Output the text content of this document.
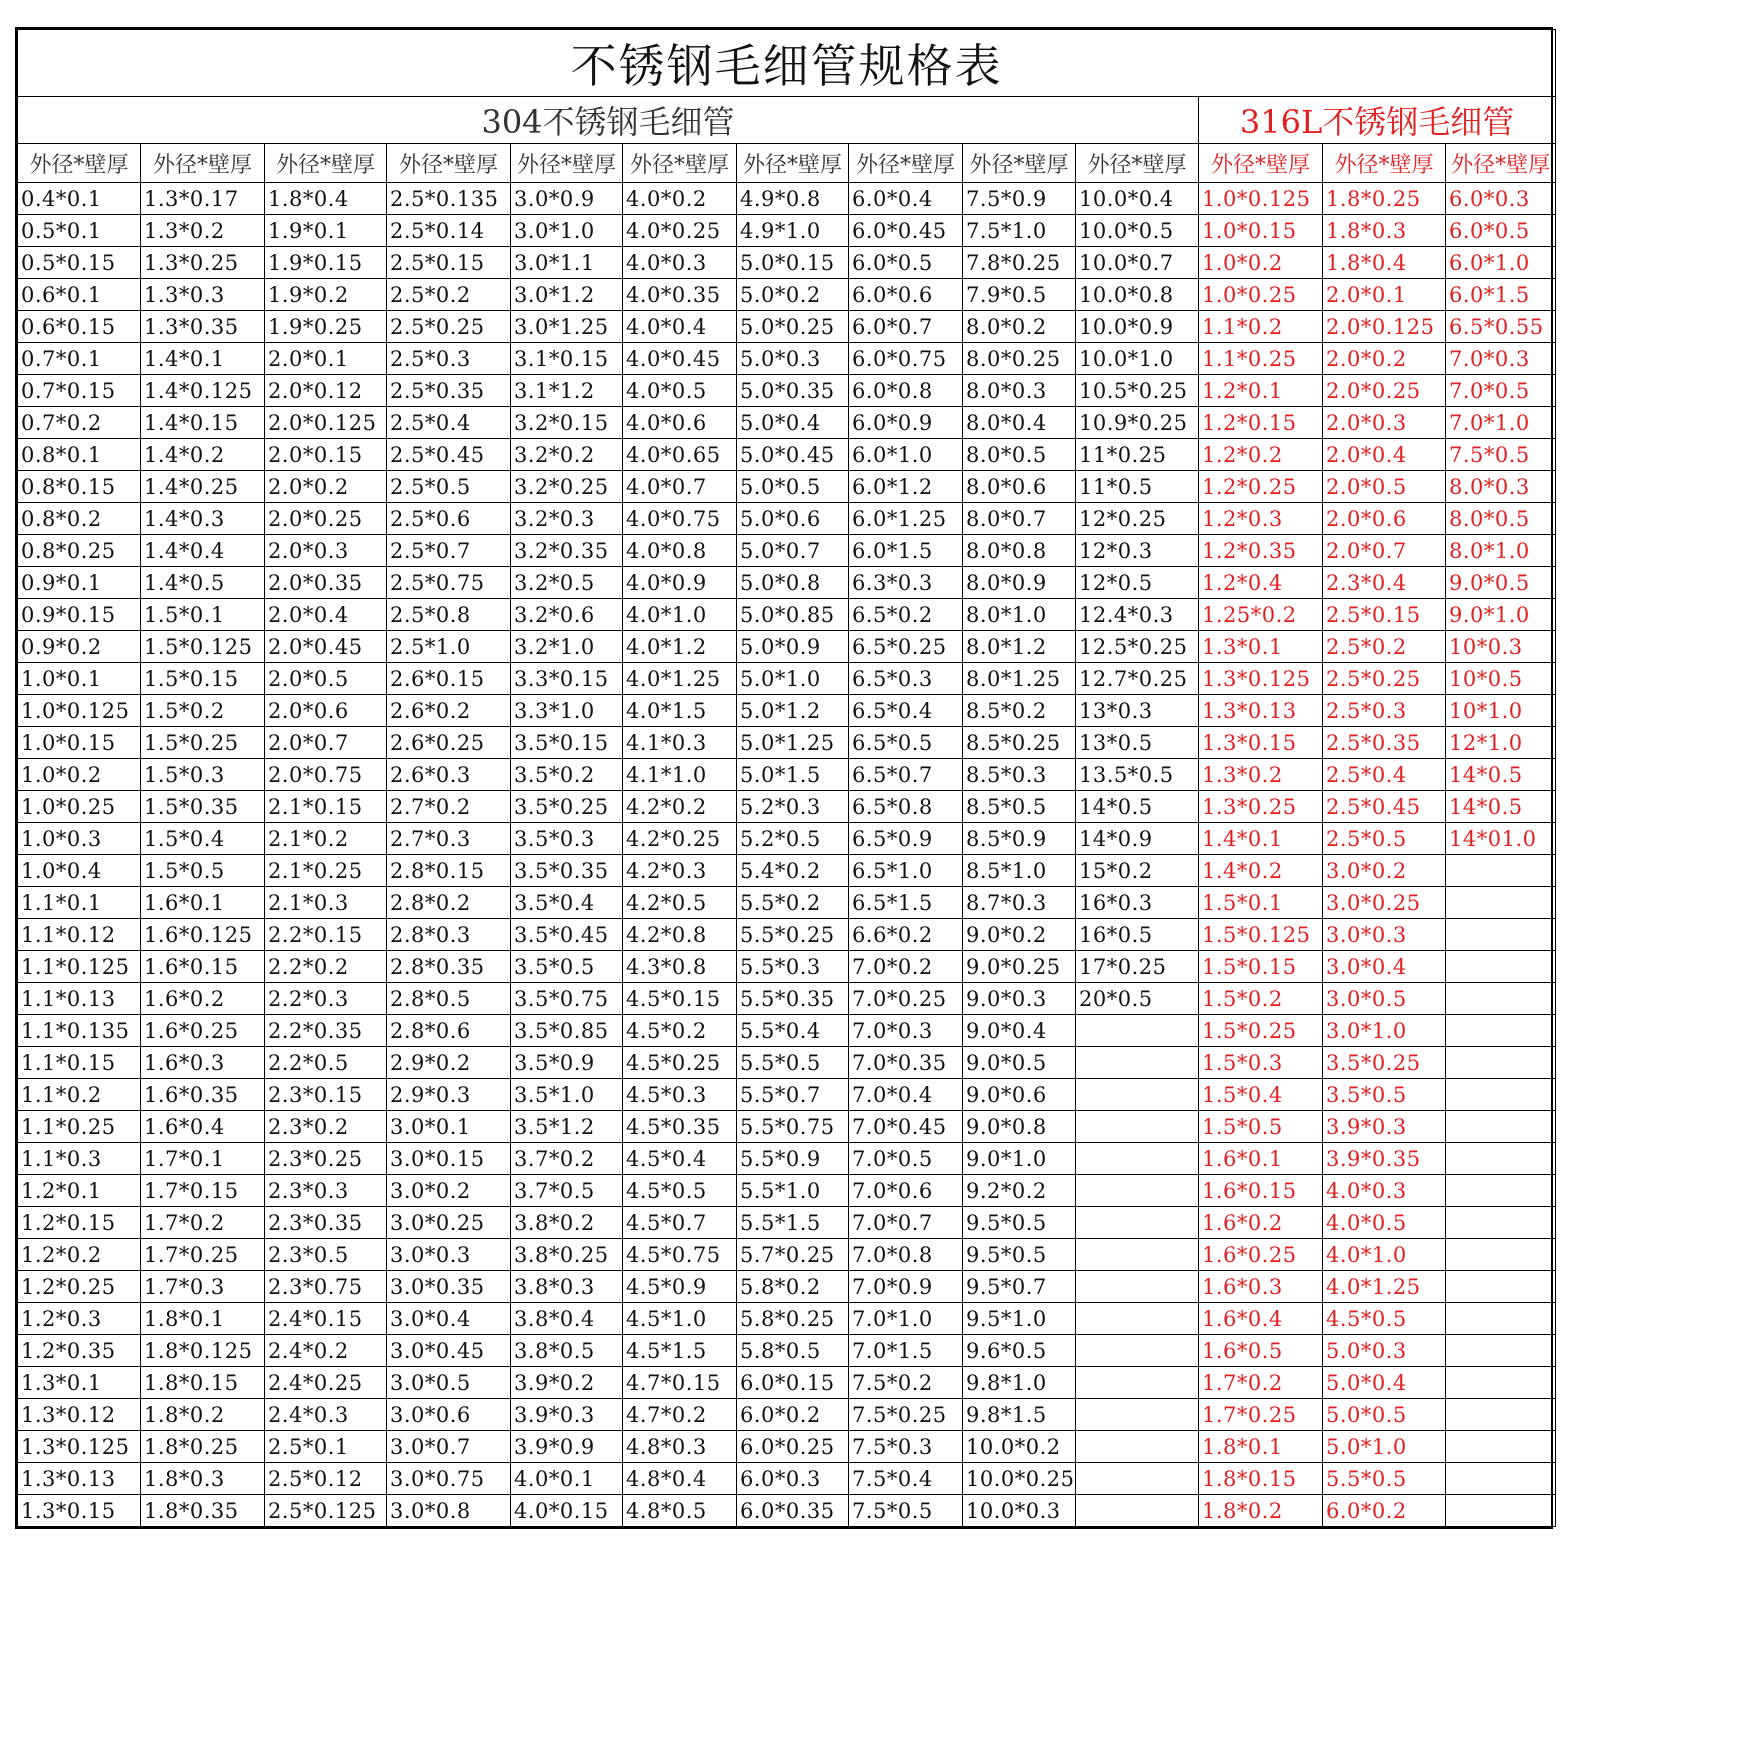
不锈钢毛细管规格表												
304不锈钢毛细管										316L不锈钢毛细管		
外径*壁厚	外径*壁厚	外径*壁厚	外径*壁厚	外径*壁厚	外径*壁厚	外径*壁厚	外径*壁厚	外径*壁厚	外径*壁厚	外径*壁厚	外径*壁厚	外径*壁厚
0.4*0.1	1.3*0.17	1.8*0.4	2.5*0.135	3.0*0.9	4.0*0.2	4.9*0.8	6.0*0.4	7.5*0.9	10.0*0.4	1.0*0.125	1.8*0.25	6.0*0.3
0.5*0.1	1.3*0.2	1.9*0.1	2.5*0.14	3.0*1.0	4.0*0.25	4.9*1.0	6.0*0.45	7.5*1.0	10.0*0.5	1.0*0.15	1.8*0.3	6.0*0.5
0.5*0.15	1.3*0.25	1.9*0.15	2.5*0.15	3.0*1.1	4.0*0.3	5.0*0.15	6.0*0.5	7.8*0.25	10.0*0.7	1.0*0.2	1.8*0.4	6.0*1.0
0.6*0.1	1.3*0.3	1.9*0.2	2.5*0.2	3.0*1.2	4.0*0.35	5.0*0.2	6.0*0.6	7.9*0.5	10.0*0.8	1.0*0.25	2.0*0.1	6.0*1.5
0.6*0.15	1.3*0.35	1.9*0.25	2.5*0.25	3.0*1.25	4.0*0.4	5.0*0.25	6.0*0.7	8.0*0.2	10.0*0.9	1.1*0.2	2.0*0.125	6.5*0.55
0.7*0.1	1.4*0.1	2.0*0.1	2.5*0.3	3.1*0.15	4.0*0.45	5.0*0.3	6.0*0.75	8.0*0.25	10.0*1.0	1.1*0.25	2.0*0.2	7.0*0.3
0.7*0.15	1.4*0.125	2.0*0.12	2.5*0.35	3.1*1.2	4.0*0.5	5.0*0.35	6.0*0.8	8.0*0.3	10.5*0.25	1.2*0.1	2.0*0.25	7.0*0.5
0.7*0.2	1.4*0.15	2.0*0.125	2.5*0.4	3.2*0.15	4.0*0.6	5.0*0.4	6.0*0.9	8.0*0.4	10.9*0.25	1.2*0.15	2.0*0.3	7.0*1.0
0.8*0.1	1.4*0.2	2.0*0.15	2.5*0.45	3.2*0.2	4.0*0.65	5.0*0.45	6.0*1.0	8.0*0.5	11*0.25	1.2*0.2	2.0*0.4	7.5*0.5
0.8*0.15	1.4*0.25	2.0*0.2	2.5*0.5	3.2*0.25	4.0*0.7	5.0*0.5	6.0*1.2	8.0*0.6	11*0.5	1.2*0.25	2.0*0.5	8.0*0.3
0.8*0.2	1.4*0.3	2.0*0.25	2.5*0.6	3.2*0.3	4.0*0.75	5.0*0.6	6.0*1.25	8.0*0.7	12*0.25	1.2*0.3	2.0*0.6	8.0*0.5
0.8*0.25	1.4*0.4	2.0*0.3	2.5*0.7	3.2*0.35	4.0*0.8	5.0*0.7	6.0*1.5	8.0*0.8	12*0.3	1.2*0.35	2.0*0.7	8.0*1.0
0.9*0.1	1.4*0.5	2.0*0.35	2.5*0.75	3.2*0.5	4.0*0.9	5.0*0.8	6.3*0.3	8.0*0.9	12*0.5	1.2*0.4	2.3*0.4	9.0*0.5
0.9*0.15	1.5*0.1	2.0*0.4	2.5*0.8	3.2*0.6	4.0*1.0	5.0*0.85	6.5*0.2	8.0*1.0	12.4*0.3	1.25*0.2	2.5*0.15	9.0*1.0
0.9*0.2	1.5*0.125	2.0*0.45	2.5*1.0	3.2*1.0	4.0*1.2	5.0*0.9	6.5*0.25	8.0*1.2	12.5*0.25	1.3*0.1	2.5*0.2	10*0.3
1.0*0.1	1.5*0.15	2.0*0.5	2.6*0.15	3.3*0.15	4.0*1.25	5.0*1.0	6.5*0.3	8.0*1.25	12.7*0.25	1.3*0.125	2.5*0.25	10*0.5
1.0*0.125	1.5*0.2	2.0*0.6	2.6*0.2	3.3*1.0	4.0*1.5	5.0*1.2	6.5*0.4	8.5*0.2	13*0.3	1.3*0.13	2.5*0.3	10*1.0
1.0*0.15	1.5*0.25	2.0*0.7	2.6*0.25	3.5*0.15	4.1*0.3	5.0*1.25	6.5*0.5	8.5*0.25	13*0.5	1.3*0.15	2.5*0.35	12*1.0
1.0*0.2	1.5*0.3	2.0*0.75	2.6*0.3	3.5*0.2	4.1*1.0	5.0*1.5	6.5*0.7	8.5*0.3	13.5*0.5	1.3*0.2	2.5*0.4	14*0.5
1.0*0.25	1.5*0.35	2.1*0.15	2.7*0.2	3.5*0.25	4.2*0.2	5.2*0.3	6.5*0.8	8.5*0.5	14*0.5	1.3*0.25	2.5*0.45	14*0.5
1.0*0.3	1.5*0.4	2.1*0.2	2.7*0.3	3.5*0.3	4.2*0.25	5.2*0.5	6.5*0.9	8.5*0.9	14*0.9	1.4*0.1	2.5*0.5	14*01.0
1.0*0.4	1.5*0.5	2.1*0.25	2.8*0.15	3.5*0.35	4.2*0.3	5.4*0.2	6.5*1.0	8.5*1.0	15*0.2	1.4*0.2	3.0*0.2	
1.1*0.1	1.6*0.1	2.1*0.3	2.8*0.2	3.5*0.4	4.2*0.5	5.5*0.2	6.5*1.5	8.7*0.3	16*0.3	1.5*0.1	3.0*0.25	
1.1*0.12	1.6*0.125	2.2*0.15	2.8*0.3	3.5*0.45	4.2*0.8	5.5*0.25	6.6*0.2	9.0*0.2	16*0.5	1.5*0.125	3.0*0.3	
1.1*0.125	1.6*0.15	2.2*0.2	2.8*0.35	3.5*0.5	4.3*0.8	5.5*0.3	7.0*0.2	9.0*0.25	17*0.25	1.5*0.15	3.0*0.4	
1.1*0.13	1.6*0.2	2.2*0.3	2.8*0.5	3.5*0.75	4.5*0.15	5.5*0.35	7.0*0.25	9.0*0.3	20*0.5	1.5*0.2	3.0*0.5	
1.1*0.135	1.6*0.25	2.2*0.35	2.8*0.6	3.5*0.85	4.5*0.2	5.5*0.4	7.0*0.3	9.0*0.4		1.5*0.25	3.0*1.0	
1.1*0.15	1.6*0.3	2.2*0.5	2.9*0.2	3.5*0.9	4.5*0.25	5.5*0.5	7.0*0.35	9.0*0.5		1.5*0.3	3.5*0.25	
1.1*0.2	1.6*0.35	2.3*0.15	2.9*0.3	3.5*1.0	4.5*0.3	5.5*0.7	7.0*0.4	9.0*0.6		1.5*0.4	3.5*0.5	
1.1*0.25	1.6*0.4	2.3*0.2	3.0*0.1	3.5*1.2	4.5*0.35	5.5*0.75	7.0*0.45	9.0*0.8		1.5*0.5	3.9*0.3	
1.1*0.3	1.7*0.1	2.3*0.25	3.0*0.15	3.7*0.2	4.5*0.4	5.5*0.9	7.0*0.5	9.0*1.0		1.6*0.1	3.9*0.35	
1.2*0.1	1.7*0.15	2.3*0.3	3.0*0.2	3.7*0.5	4.5*0.5	5.5*1.0	7.0*0.6	9.2*0.2		1.6*0.15	4.0*0.3	
1.2*0.15	1.7*0.2	2.3*0.35	3.0*0.25	3.8*0.2	4.5*0.7	5.5*1.5	7.0*0.7	9.5*0.5		1.6*0.2	4.0*0.5	
1.2*0.2	1.7*0.25	2.3*0.5	3.0*0.3	3.8*0.25	4.5*0.75	5.7*0.25	7.0*0.8	9.5*0.5		1.6*0.25	4.0*1.0	
1.2*0.25	1.7*0.3	2.3*0.75	3.0*0.35	3.8*0.3	4.5*0.9	5.8*0.2	7.0*0.9	9.5*0.7		1.6*0.3	4.0*1.25	
1.2*0.3	1.8*0.1	2.4*0.15	3.0*0.4	3.8*0.4	4.5*1.0	5.8*0.25	7.0*1.0	9.5*1.0		1.6*0.4	4.5*0.5	
1.2*0.35	1.8*0.125	2.4*0.2	3.0*0.45	3.8*0.5	4.5*1.5	5.8*0.5	7.0*1.5	9.6*0.5		1.6*0.5	5.0*0.3	
1.3*0.1	1.8*0.15	2.4*0.25	3.0*0.5	3.9*0.2	4.7*0.15	6.0*0.15	7.5*0.2	9.8*1.0		1.7*0.2	5.0*0.4	
1.3*0.12	1.8*0.2	2.4*0.3	3.0*0.6	3.9*0.3	4.7*0.2	6.0*0.2	7.5*0.25	9.8*1.5		1.7*0.25	5.0*0.5	
1.3*0.125	1.8*0.25	2.5*0.1	3.0*0.7	3.9*0.9	4.8*0.3	6.0*0.25	7.5*0.3	10.0*0.2		1.8*0.1	5.0*1.0	
1.3*0.13	1.8*0.3	2.5*0.12	3.0*0.75	4.0*0.1	4.8*0.4	6.0*0.3	7.5*0.4	10.0*0.25		1.8*0.15	5.5*0.5	
1.3*0.15	1.8*0.35	2.5*0.125	3.0*0.8	4.0*0.15	4.8*0.5	6.0*0.35	7.5*0.5	10.0*0.3		1.8*0.2	6.0*0.2	
